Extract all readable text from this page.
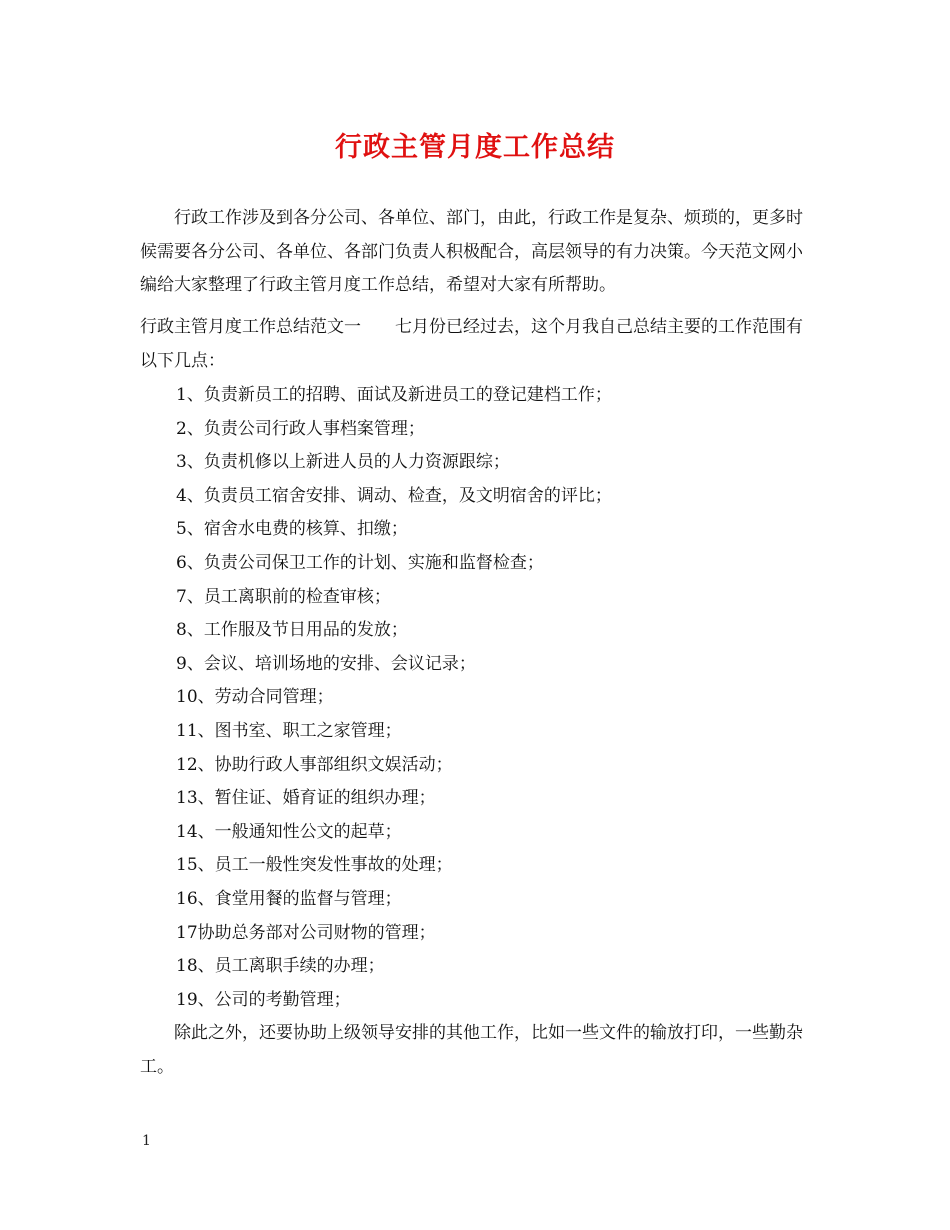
行政主管月度工作总结

行政工作涉及到各分公司、各单位、部门，由此，行政工作是复杂、烦琐的，更多时候需要各分公司、各单位、各部门负责人积极配合，高层领导的有力决策。今天范文网小编给大家整理了行政主管月度工作总结，希望对大家有所帮助。

行政主管月度工作总结范文一　　七月份已经过去，这个月我自己总结主要的工作范围有以下几点：

1、负责新员工的招聘、面试及新进员工的登记建档工作；
2、负责公司行政人事档案管理；
3、负责机修以上新进人员的人力资源跟综；
4、负责员工宿舍安排、调动、检查，及文明宿舍的评比；
5、宿舍水电费的核算、扣缴；
6、负责公司保卫工作的计划、实施和监督检查；
7、员工离职前的检查审核；
8、工作服及节日用品的发放；
9、会议、培训场地的安排、会议记录；
10、劳动合同管理；
11、图书室、职工之家管理；
12、协助行政人事部组织文娱活动；
13、暂住证、婚育证的组织办理；
14、一般通知性公文的起草；
15、员工一般性突发性事故的处理；
16、食堂用餐的监督与管理；
17协助总务部对公司财物的管理；
18、员工离职手续的办理；
19、公司的考勤管理；

除此之外，还要协助上级领导安排的其他工作，比如一些文件的输放打印，一些勤杂工。

1
